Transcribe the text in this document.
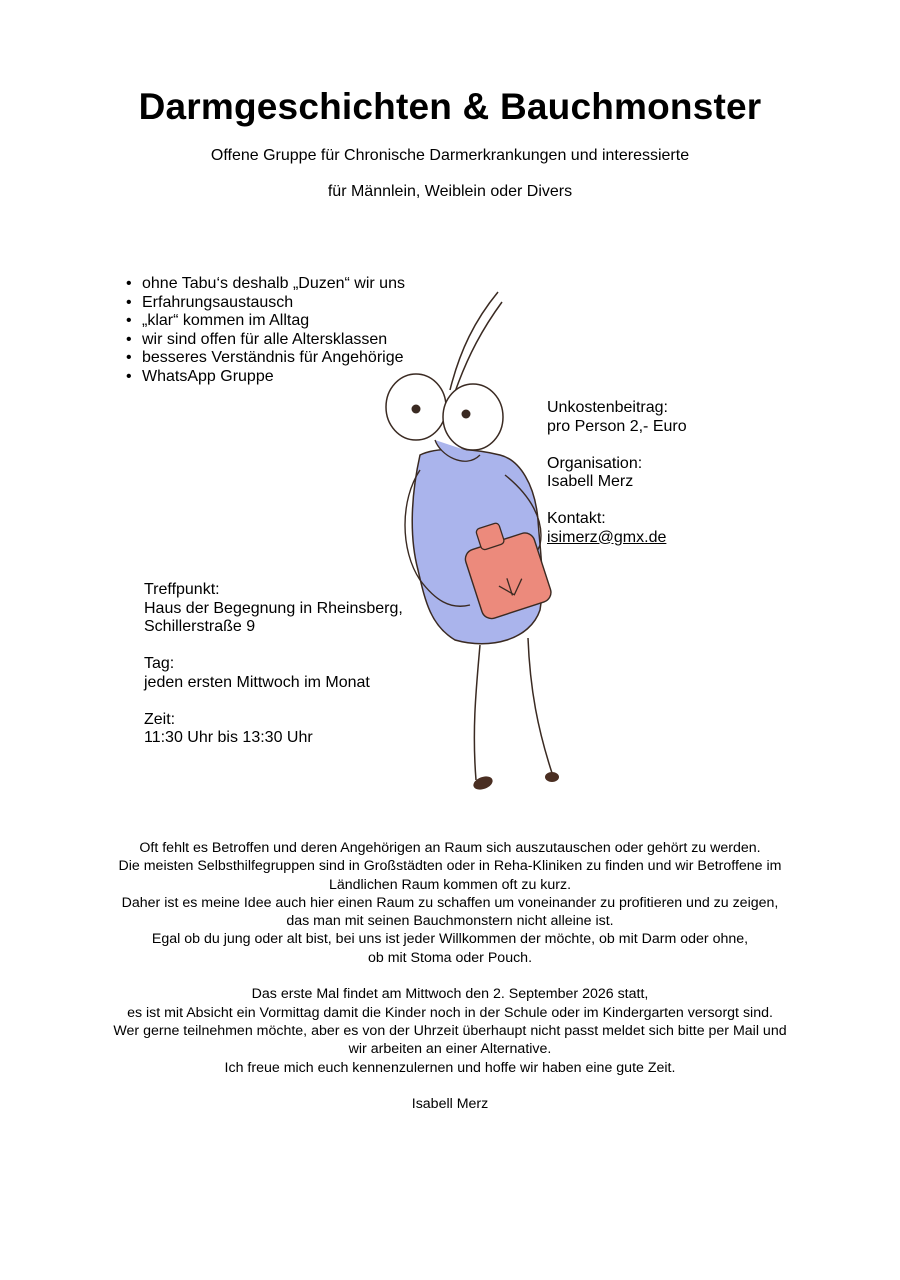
Darmgeschichten & Bauchmonster
Offene Gruppe für Chronische Darmerkrankungen und interessierte
für Männlein, Weiblein oder Divers
• ohne Tabu‘s deshalb „Duzen“ wir uns
• Erfahrungsaustausch
• „klar“ kommen im Alltag
• wir sind offen für alle Altersklassen
• besseres Verständnis für Angehörige
• WhatsApp Gruppe
Unkostenbeitrag:
pro Person 2,- Euro
Organisation:
Isabell Merz
Kontakt:
isimerz@gmx.de
Treffpunkt:
Haus der Begegnung in Rheinsberg,
Schillerstraße 9
Tag:
jeden ersten Mittwoch im Monat
Zeit:
11:30 Uhr bis 13:30 Uhr

Oft fehlt es Betroffen und deren Angehörigen an Raum sich auszutauschen oder gehört zu werden.

Die meisten Selbsthilfegruppen sind in Großstädten oder in Reha-Kliniken zu finden und wir Betroffene im

Ländlichen Raum kommen oft zu kurz.

Daher ist es meine Idee auch hier einen Raum zu schaffen um voneinander zu profitieren und zu zeigen,

das man mit seinen Bauchmonstern nicht alleine ist.

Egal ob du jung oder alt bist, bei uns ist jeder Willkommen der möchte, ob mit Darm oder ohne,

ob mit Stoma oder Pouch.

Das erste Mal findet am Mittwoch den 2. September 2026 statt,

es ist mit Absicht ein Vormittag damit die Kinder noch in der Schule oder im Kindergarten versorgt sind.

Wer gerne teilnehmen möchte, aber es von der Uhrzeit überhaupt nicht passt meldet sich bitte per Mail und

wir arbeiten an einer Alternative.

Ich freue mich euch kennenzulernen und hoffe wir haben eine gute Zeit.

Isabell Merz
